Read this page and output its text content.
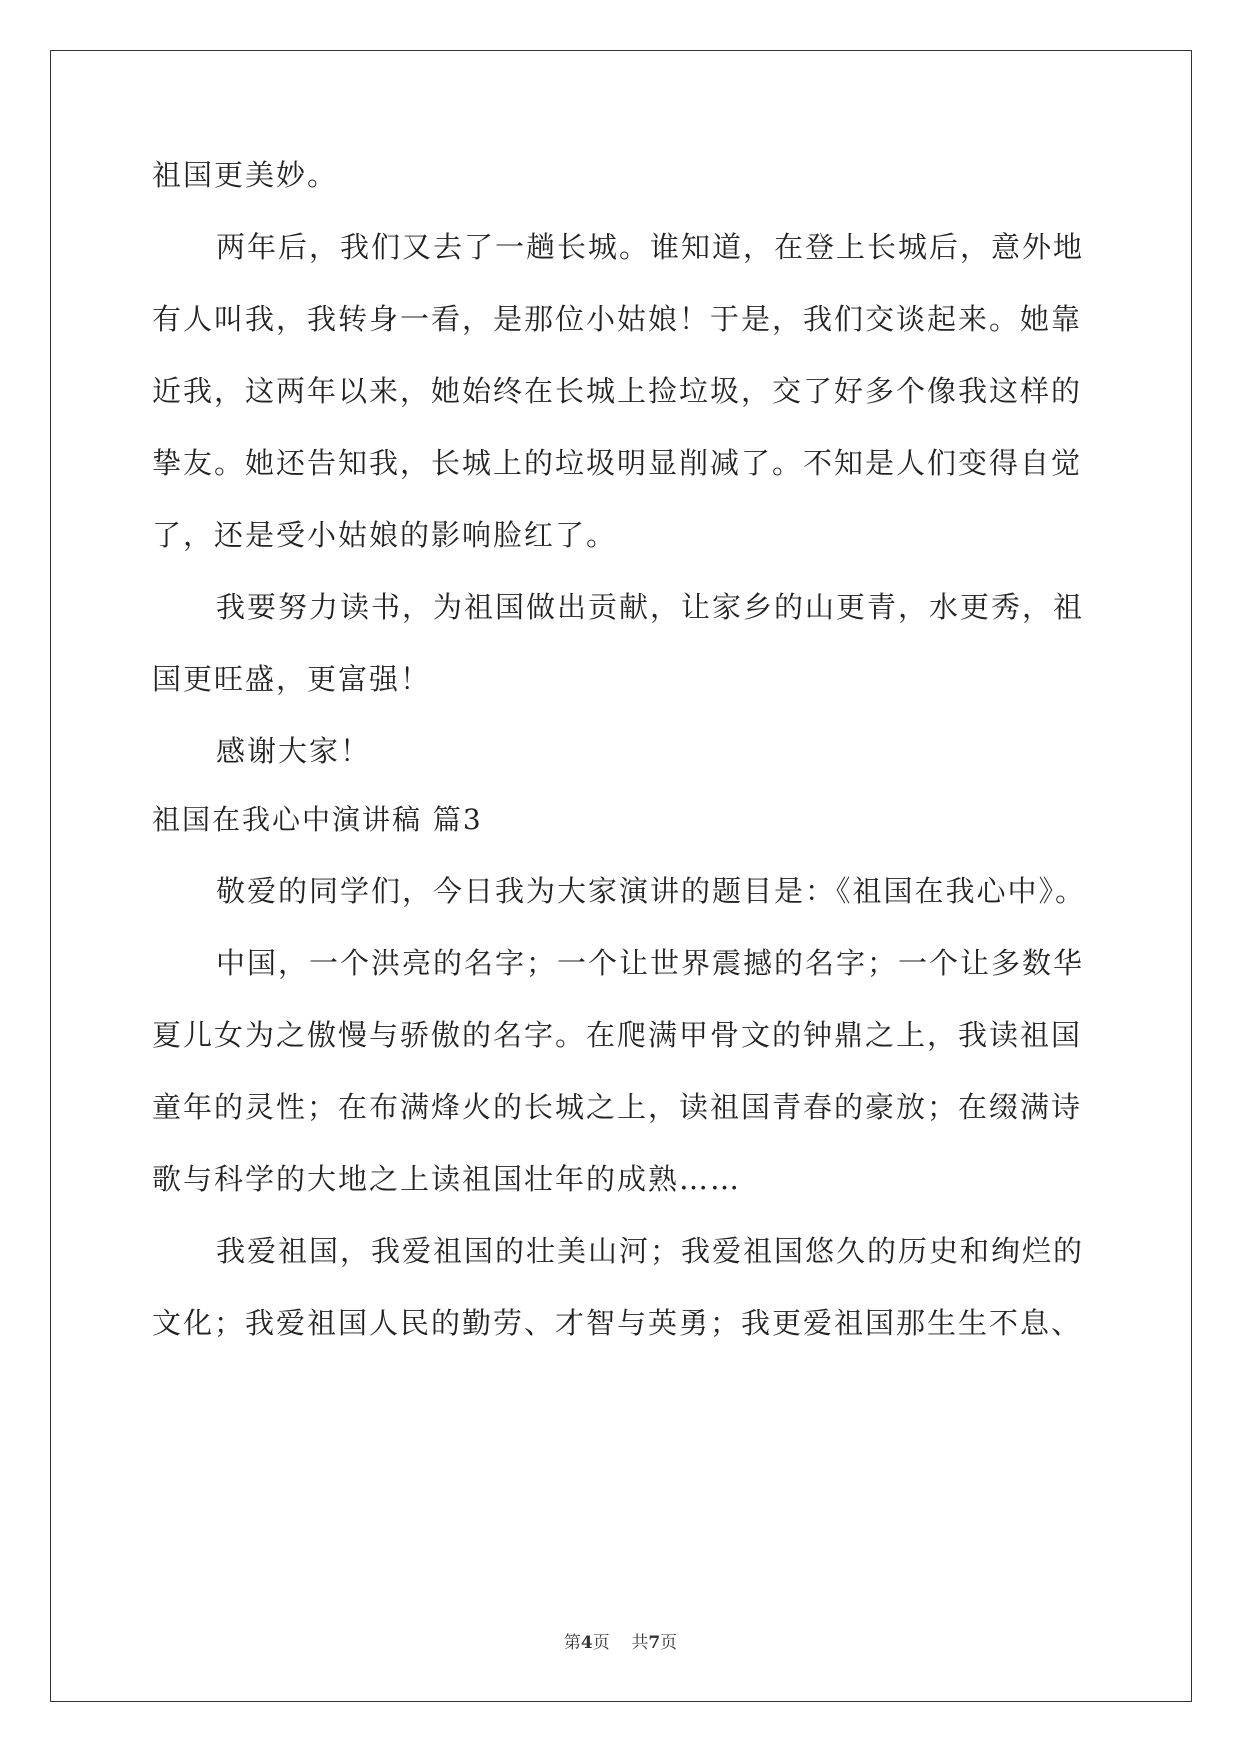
祖国更美妙。
两年后，我们又去了一趟长城。谁知道，在登上长城后，意外地
有人叫我，我转身一看，是那位小姑娘！于是，我们交谈起来。她靠
近我，这两年以来，她始终在长城上捡垃圾，交了好多个像我这样的
挚友。她还告知我，长城上的垃圾明显削减了。不知是人们变得自觉
了，还是受小姑娘的影响脸红了。
我要努力读书，为祖国做出贡献，让家乡的山更青，水更秀，祖
国更旺盛，更富强！
感谢大家！
祖国在我心中演讲稿 篇3
敬爱的同学们，今日我为大家演讲的题目是：《祖国在我心中》。
中国，一个洪亮的名字；一个让世界震撼的名字；一个让多数华
夏儿女为之傲慢与骄傲的名字。在爬满甲骨文的钟鼎之上，我读祖国
童年的灵性；在布满烽火的长城之上，读祖国青春的豪放；在缀满诗
歌与科学的大地之上读祖国壮年的成熟……
我爱祖国，我爱祖国的壮美山河；我爱祖国悠久的历史和绚烂的
文化；我爱祖国人民的勤劳、才智与英勇；我更爱祖国那生生不息、
第4页 共7页
